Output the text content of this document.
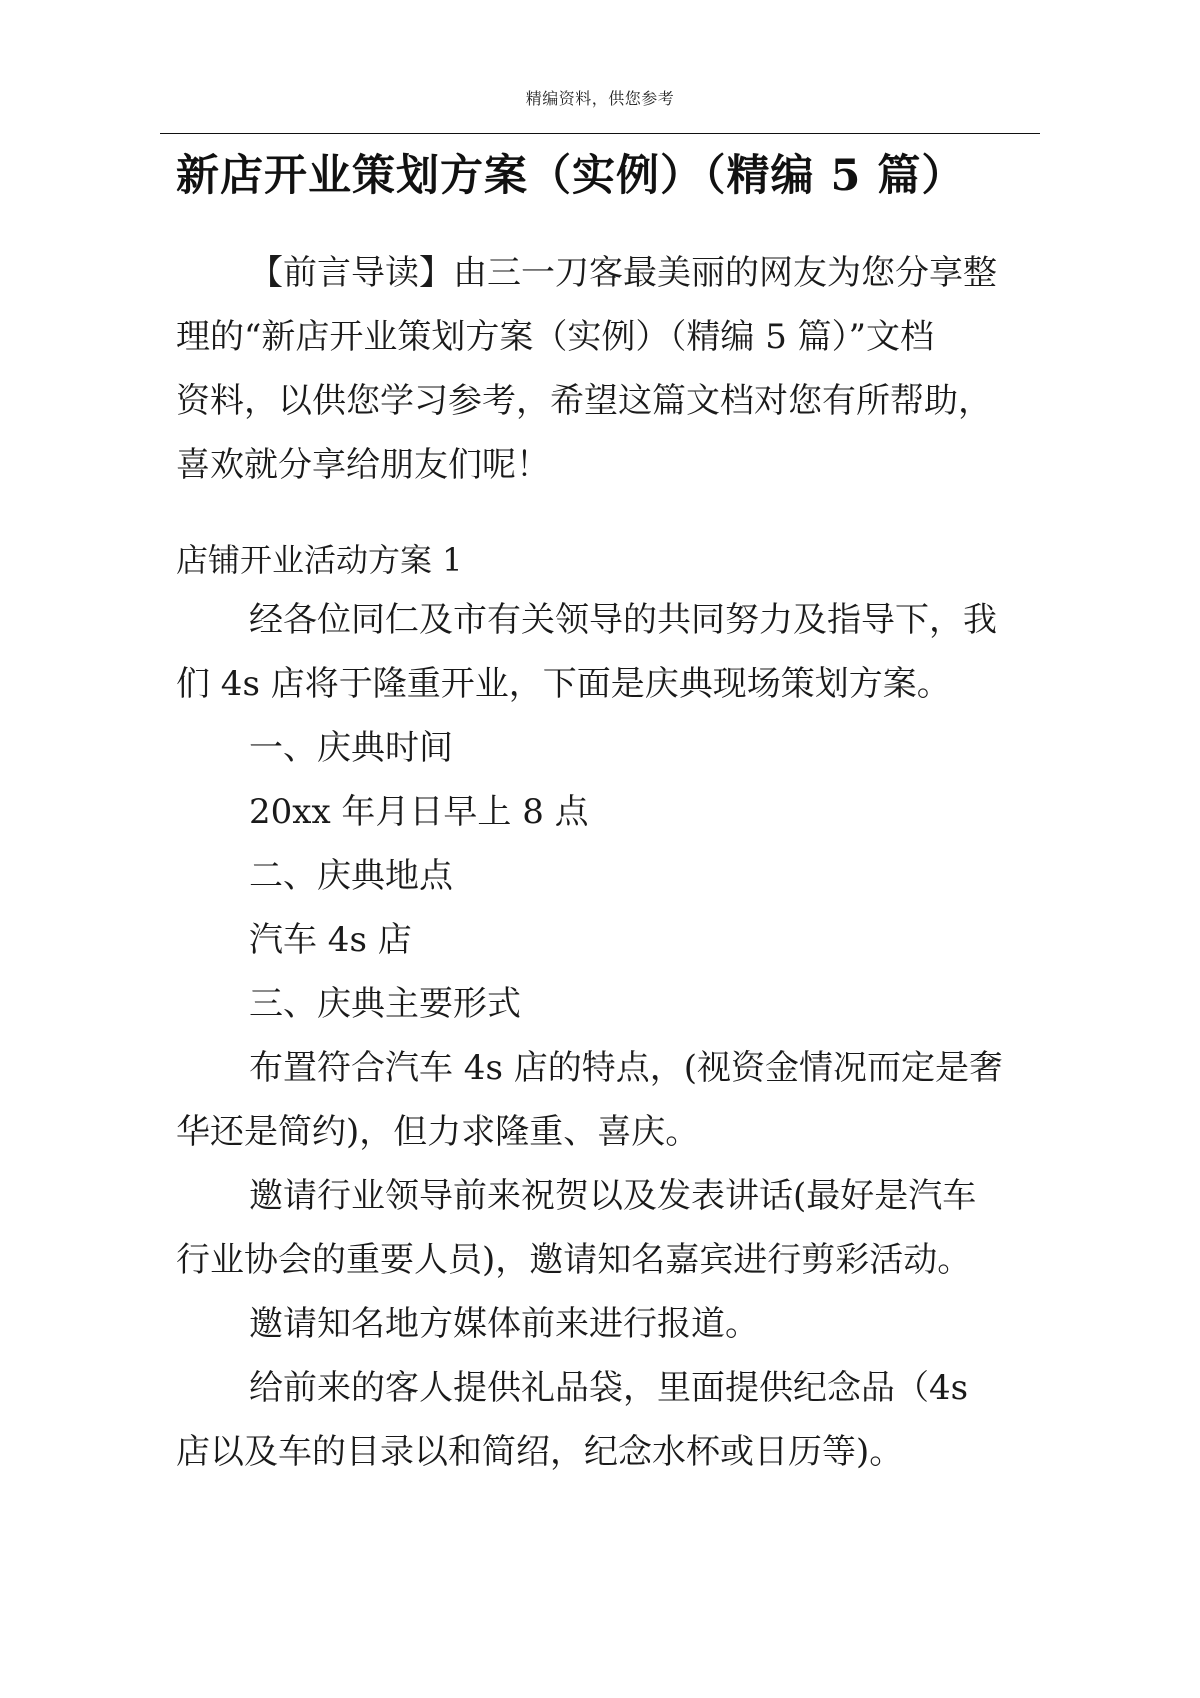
精编资料，供您参考
新店开业策划方案（实例）（精编 5 篇）
【前言导读】由三一刀客最美丽的网友为您分享整
理的“新店开业策划方案（实例）（精编 5 篇）”文档
资料，以供您学习参考，希望这篇文档对您有所帮助，
喜欢就分享给朋友们呢！
店铺开业活动方案 1
经各位同仁及市有关领导的共同努力及指导下，我
们 4s 店将于隆重开业，下面是庆典现场策划方案。
一、庆典时间
20xx 年月日早上 8 点
二、庆典地点
汽车 4s 店
三、庆典主要形式
布置符合汽车 4s 店的特点，(视资金情况而定是奢
华还是简约)，但力求隆重、喜庆。
邀请行业领导前来祝贺以及发表讲话(最好是汽车
行业协会的重要人员)，邀请知名嘉宾进行剪彩活动。
邀请知名地方媒体前来进行报道。
给前来的客人提供礼品袋，里面提供纪念品（4s
店以及车的目录以和简绍，纪念水杯或日历等)。
